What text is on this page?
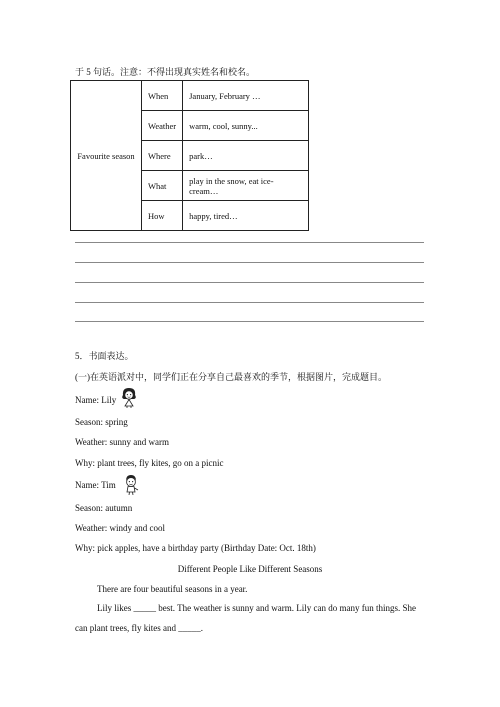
于 5 句话。注意：不得出现真实姓名和校名。
Favourite season	When	January, February …
	Weather	warm, cool, sunny...
	Where	park…
	What	play in the snow, eat ice-cream…
	How	happy, tired…
5．书面表达。
(一)在英语派对中，同学们正在分享自己最喜欢的季节，根据图片，完成题目。
Name: Lily
Season: spring
Weather: sunny and warm
Why: plant trees, fly kites, go on a picnic
Name: Tim
Season: autumn
Weather: windy and cool
Why: pick apples, have a birthday party (Birthday Date: Oct. 18th)
Different People Like Different Seasons
There are four beautiful seasons in a year.
Lily likes _____ best. The weather is sunny and warm. Lily can do many fun things. She
can plant trees, fly kites and _____.
